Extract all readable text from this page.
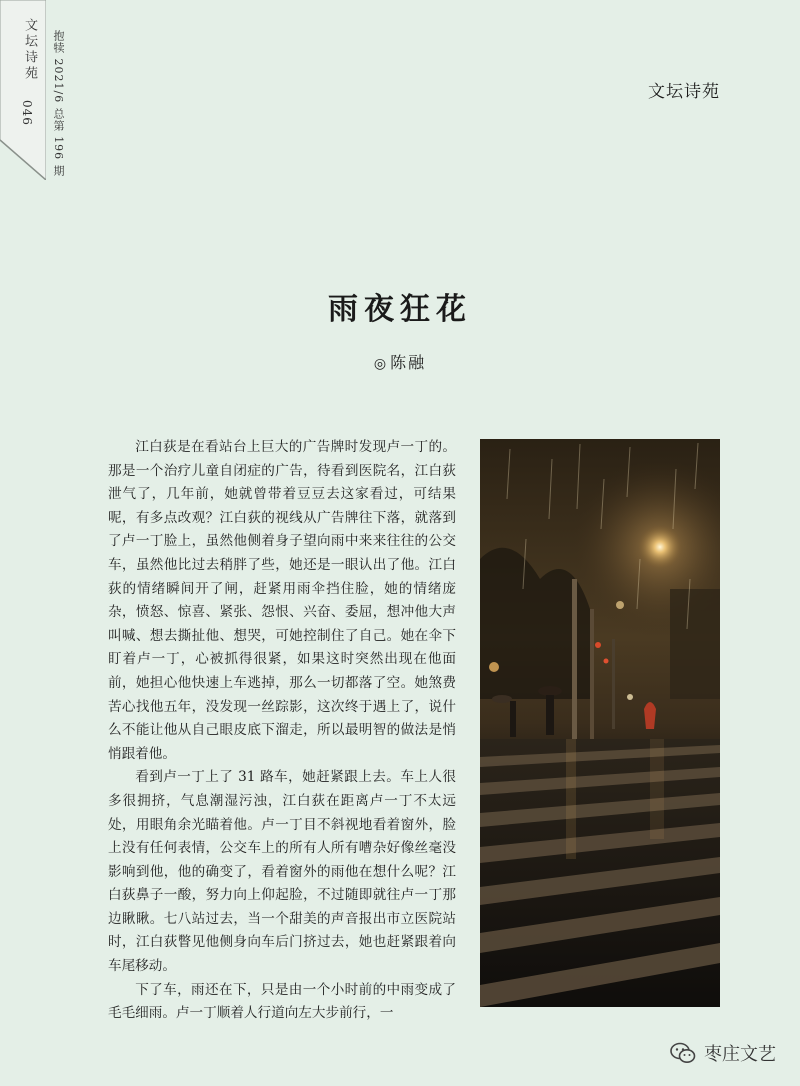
文坛诗苑
046 抱犊 2021/6 总第 196 期	文坛诗苑
雨夜狂花
◎ 陈融

江白荻是在看站台上巨大的广告牌时发现卢一丁的。那是一个治疗儿童自闭症的广告，待看到医院名，江白荻泄气了，几年前，她就曾带着豆豆去这家看过，可结果呢，有多点改观？江白荻的视线从广告牌往下落，就落到了卢一丁脸上，虽然他侧着身子望向雨中来来往往的公交车，虽然他比过去稍胖了些，她还是一眼认出了他。江白荻的情绪瞬间开了闸，赶紧用雨伞挡住脸，她的情绪庞杂，愤怒、惊喜、紧张、怨恨、兴奋、委屈，想冲他大声叫喊、想去撕扯他、想哭，可她控制住了自己。她在伞下盯着卢一丁，心被抓得很紧，如果这时突然出现在他面前，她担心他快速上车逃掉，那么一切都落了空。她煞费苦心找他五年，没发现一丝踪影，这次终于遇上了，说什么不能让他从自己眼皮底下溜走，所以最明智的做法是悄悄跟着他。

看到卢一丁上了 31 路车，她赶紧跟上去。车上人很多很拥挤，气息潮湿污浊，江白荻在距离卢一丁不太远处，用眼角余光瞄着他。卢一丁目不斜视地看着窗外，脸上没有任何表情，公交车上的所有人所有嘈杂好像丝毫没影响到他，他的确变了，看着窗外的雨他在想什么呢？江白荻鼻子一酸，努力向上仰起脸，不过随即就往卢一丁那边瞅瞅。七八站过去，当一个甜美的声音报出市立医院站时，江白荻瞥见他侧身向车后门挤过去，她也赶紧跟着向车尾移动。

下了车，雨还在下，只是由一个小时前的中雨变成了毛毛细雨。卢一丁顺着人行道向左大步前行，一

枣庄文艺
